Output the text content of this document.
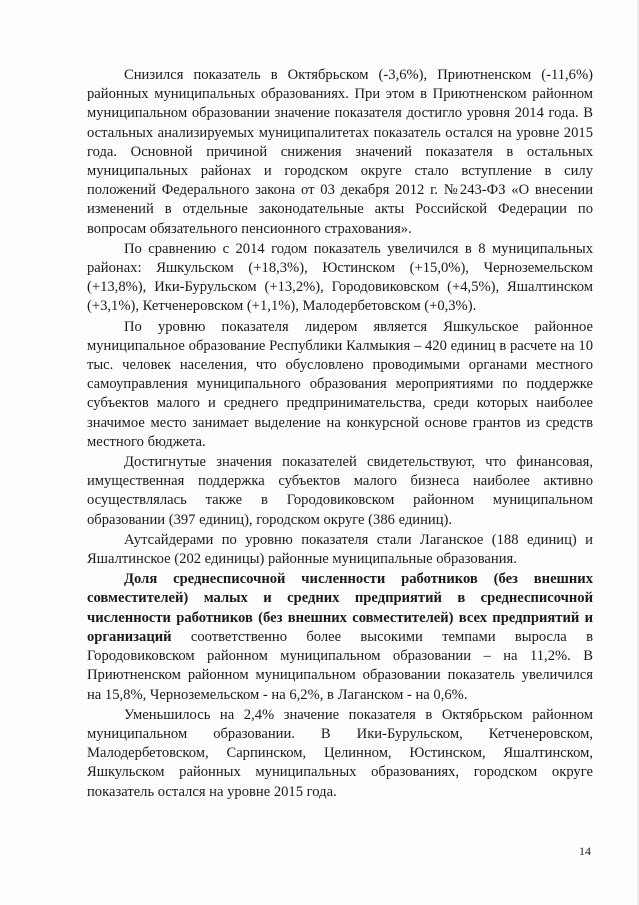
Снизился показатель в Октябрьском (-3,6%), Приютненском (-11,6%) районных муниципальных образованиях. При этом в Приютненском районном муниципальном образовании значение показателя достигло уровня 2014 года. В остальных анализируемых муниципалитетах показатель остался на уровне 2015 года. Основной причиной снижения значений показателя в остальных муниципальных районах и городском округе стало вступление в силу положений Федерального закона от 03 декабря 2012 г. №243-ФЗ «О внесении изменений в отдельные законодательные акты Российской Федерации по вопросам обязательного пенсионного страхования».

По сравнению с 2014 годом показатель увеличился в 8 муниципальных районах: Яшкульском (+18,3%), Юстинском (+15,0%), Черноземельском (+13,8%), Ики-Бурульском (+13,2%), Городовиковском (+4,5%), Яшалтинском (+3,1%), Кетченеровском (+1,1%), Малодербетовском (+0,3%).

По уровню показателя лидером является Яшкульское районное муниципальное образование Республики Калмыкия – 420 единиц в расчете на 10 тыс. человек населения, что обусловлено проводимыми органами местного самоуправления муниципального образования мероприятиями по поддержке субъектов малого и среднего предпринимательства, среди которых наиболее значимое место занимает выделение на конкурсной основе грантов из средств местного бюджета.

Достигнутые значения показателей свидетельствуют, что финансовая, имущественная поддержка субъектов малого бизнеса наиболее активно осуществлялась также в Городовиковском районном муниципальном образовании (397 единиц), городском округе (386 единиц).

Аутсайдерами по уровню показателя стали Лаганское (188 единиц) и Яшалтинское (202 единицы) районные муниципальные образования.

Доля среднесписочной численности работников (без внешних совместителей) малых и средних предприятий в среднесписочной численности работников (без внешних совместителей) всех предприятий и организаций соответственно более высокими темпами выросла в Городовиковском районном муниципальном образовании – на 11,2%. В Приютненском районном муниципальном образовании показатель увеличился на 15,8%, Черноземельском - на 6,2%, в Лаганском - на 0,6%.

Уменьшилось на 2,4% значение показателя в Октябрьском районном муниципальном образовании. В Ики-Бурульском, Кетченеровском, Малодербетовском, Сарпинском, Целинном, Юстинском, Яшалтинском, Яшкульском районных муниципальных образованиях, городском округе показатель остался на уровне 2015 года.

14
